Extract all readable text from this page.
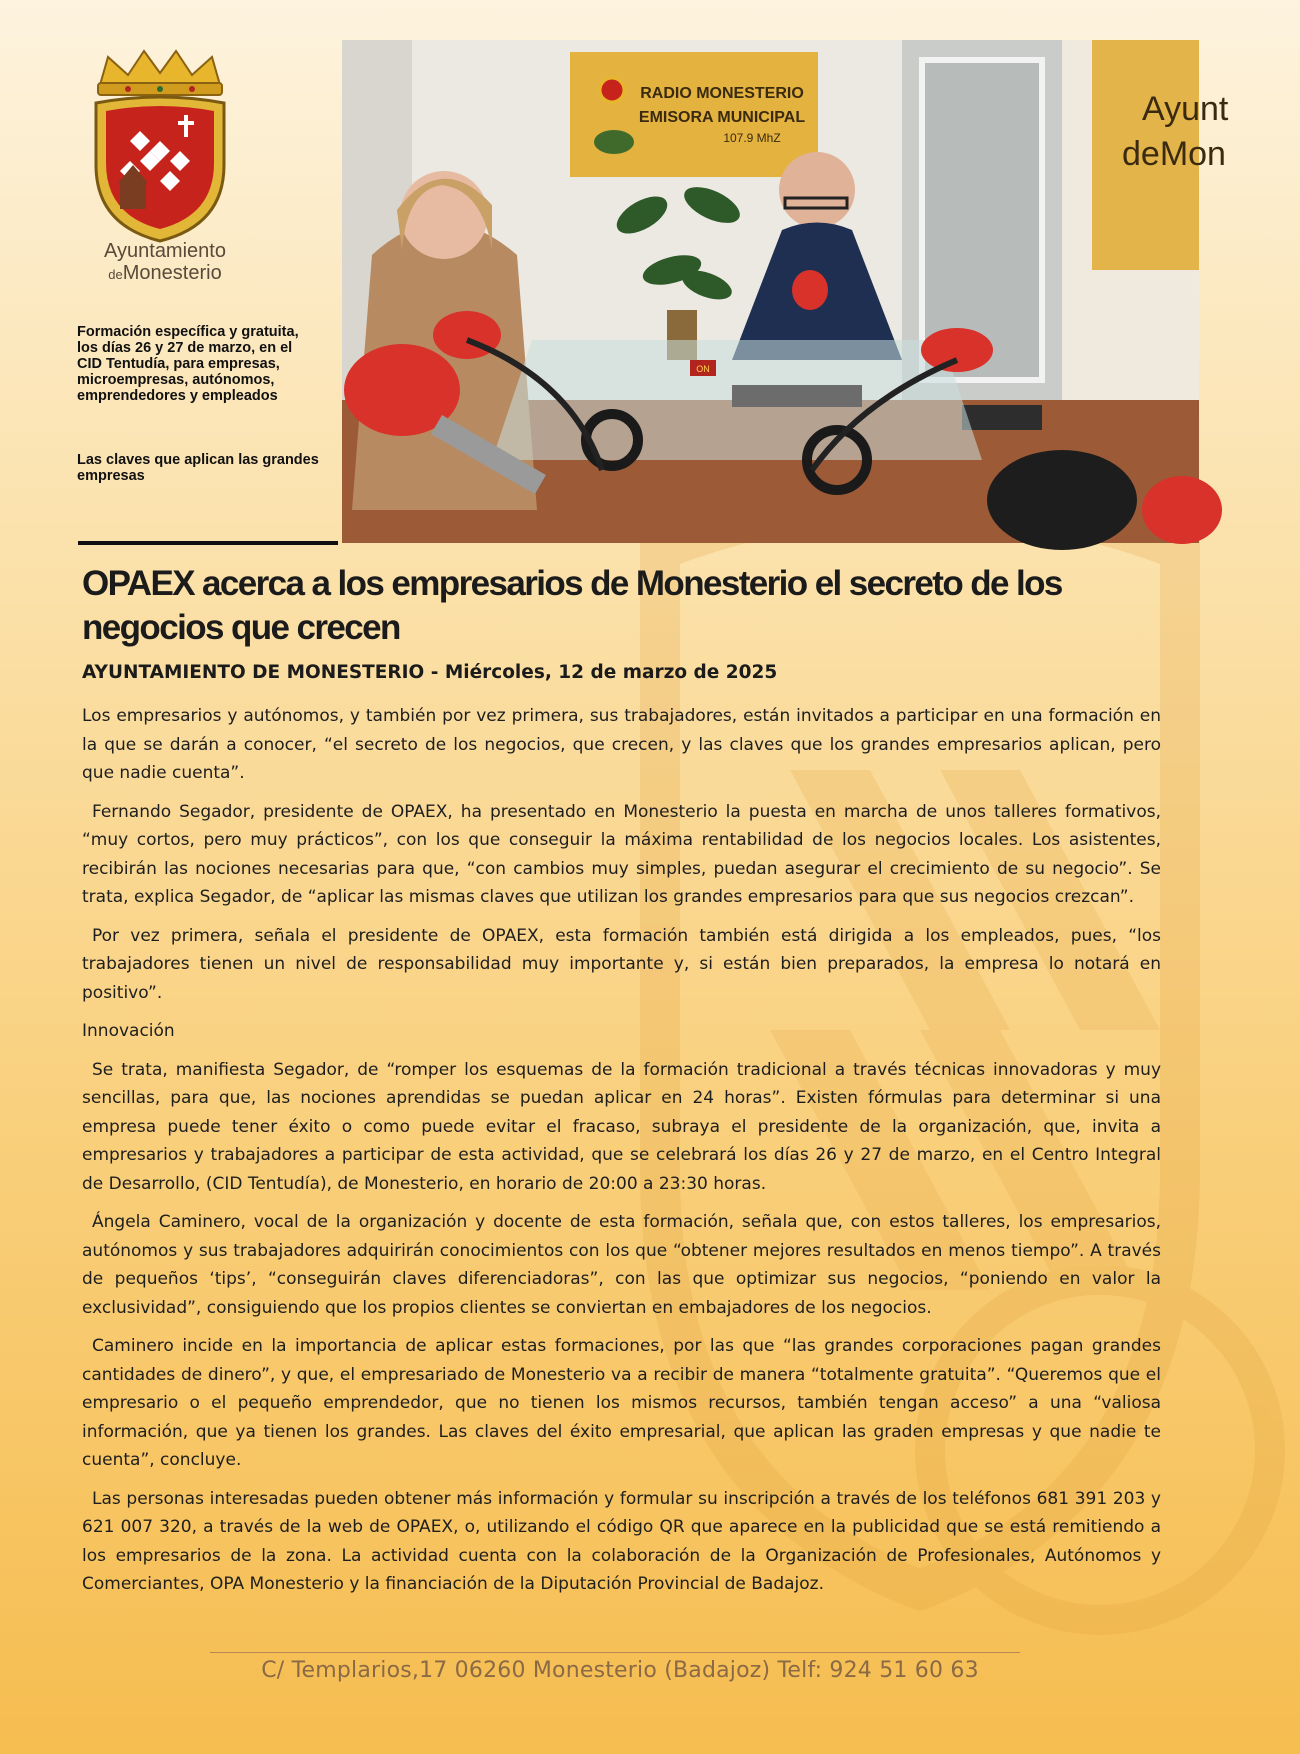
Ayuntamiento
deMonesterio
Formación específica y gratuita, los días 26 y 27 de marzo, en el CID Tentudía, para empresas, microempresas, autónomos, emprendedores y empleados
Las claves que aplican las grandes empresas
RADIO MONESTERIO
EMISORA MUNICIPAL
107.9 MhZ
Ayunt
deMon
ON
OPAEX acerca a los empresarios de Monesterio el secreto de los negocios que crecen
AYUNTAMIENTO DE MONESTERIO - Miércoles, 12 de marzo de 2025

Los empresarios y autónomos, y también por vez primera, sus trabajadores, están invitados a participar en una formación en la que se darán a conocer, “el secreto de los negocios, que crecen, y las claves que los grandes empresarios aplican, pero que nadie cuenta”.

Fernando Segador, presidente de OPAEX, ha presentado en Monesterio la puesta en marcha de unos talleres formativos, “muy cortos, pero muy prácticos”, con los que conseguir la máxima rentabilidad de los negocios locales. Los asistentes, recibirán las nociones necesarias para que, “con cambios muy simples, puedan asegurar el crecimiento de su negocio”. Se trata, explica Segador, de “aplicar las mismas claves que utilizan los grandes empresarios para que sus negocios crezcan”.

Por vez primera, señala el presidente de OPAEX, esta formación también está dirigida a los empleados, pues, “los trabajadores tienen un nivel de responsabilidad muy importante y, si están bien preparados, la empresa lo notará en positivo”.

Innovación

Se trata, manifiesta Segador, de “romper los esquemas de la formación tradicional a través técnicas innovadoras y muy sencillas, para que, las nociones aprendidas se puedan aplicar en 24 horas”. Existen fórmulas para determinar si una empresa puede tener éxito o como puede evitar el fracaso, subraya el presidente de la organización, que, invita a empresarios y trabajadores a participar de esta actividad, que se celebrará los días 26 y 27 de marzo, en el Centro Integral de Desarrollo, (CID Tentudía), de Monesterio, en horario de 20:00 a 23:30 horas.

Ángela Caminero, vocal de la organización y docente de esta formación, señala que, con estos talleres, los empresarios, autónomos y sus trabajadores adquirirán conocimientos con los que “obtener mejores resultados en menos tiempo”. A través de pequeños ‘tips’, “conseguirán claves diferenciadoras”, con las que optimizar sus negocios, “poniendo en valor la exclusividad”, consiguiendo que los propios clientes se conviertan en embajadores de los negocios.

Caminero incide en la importancia de aplicar estas formaciones, por las que “las grandes corporaciones pagan grandes cantidades de dinero”, y que, el empresariado de Monesterio va a recibir de manera “totalmente gratuita”. “Queremos que el empresario o el pequeño emprendedor, que no tienen los mismos recursos, también tengan acceso” a una “valiosa información, que ya tienen los grandes. Las claves del éxito empresarial, que aplican las graden empresas y que nadie te cuenta”, concluye.

Las personas interesadas pueden obtener más información y formular su inscripción a través de los teléfonos 681 391 203 y 621 007 320, a través de la web de OPAEX, o, utilizando el código QR que aparece en la publicidad que se está remitiendo a los empresarios de la zona. La actividad cuenta con la colaboración de la Organización de Profesionales, Autónomos y Comerciantes, OPA Monesterio y la financiación de la Diputación Provincial de Badajoz.

C/ Templarios,17 06260 Monesterio (Badajoz) Telf: 924 51 60 63
